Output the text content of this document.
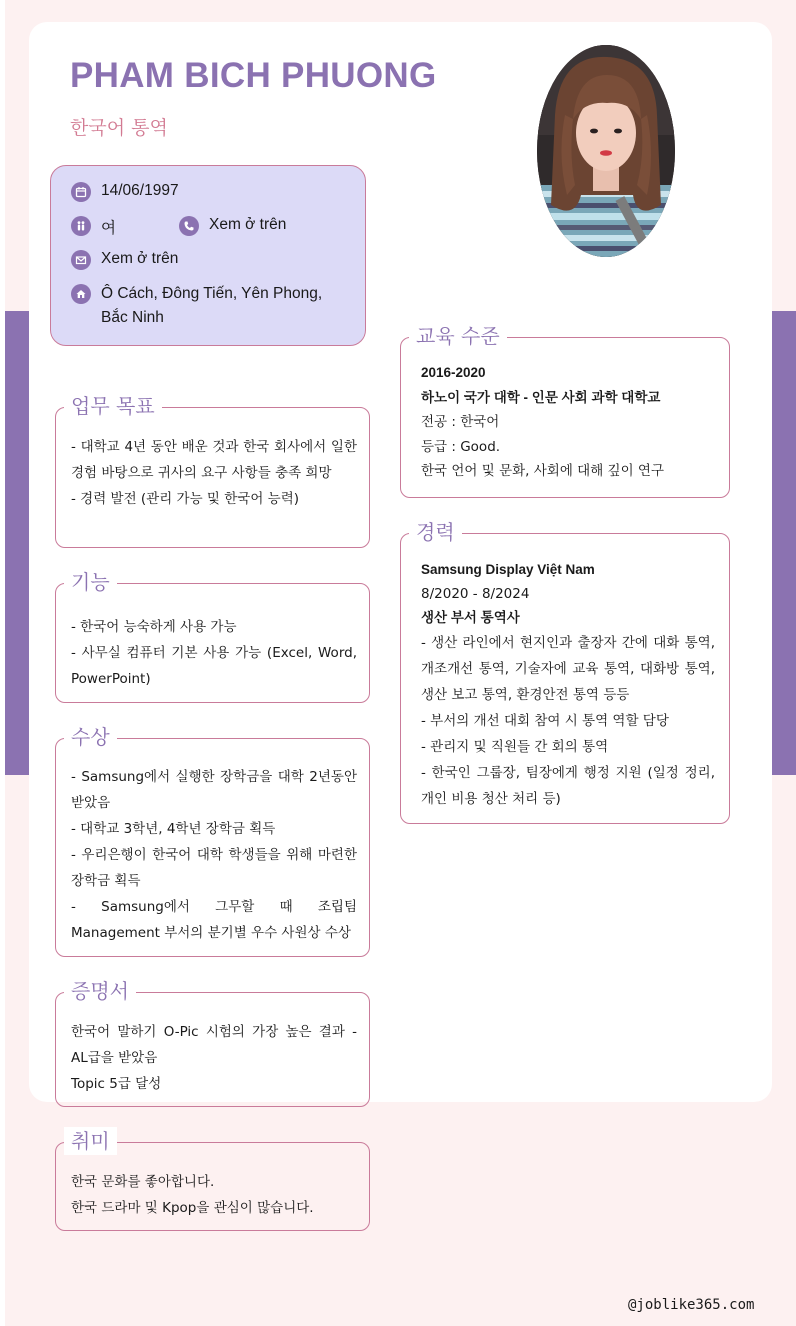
PHAM BICH PHUONG
한국어 통역
14/06/1997
여	Xem ở trên
Xem ở trên
Ô Cách, Đông Tiến, Yên Phong, Bắc Ninh
업무 목표

- 대학교 4년 동안 배운 것과 한국 회사에서 일한 경험 바탕으로 귀사의 요구 사항들 충족 희망

- 경력 발전 (관리 가능 및 한국어 능력)

기능

- 한국어 능숙하게 사용 가능

- 사무실 컴퓨터 기본 사용 가능 (Excel, Word, PowerPoint)

수상

- Samsung에서 실행한 장학금을 대학 2년동안 받았음

- 대학교 3학년, 4학년 장학금 획득

- 우리은행이 한국어 대학 학생들을 위해 마련한 장학금 획득

- Samsung에서 그무할 때 조립팀 Management 부서의 분기별 우수 사원상 수상

증명서

한국어 말하기 O-Pic 시험의 가장 높은 결과 - AL급을 받았음

Topic 5급 달성

취미

한국 문화를 좋아합니다.

한국 드라마 및 Kpop을 관심이 많습니다.

교육 수준

2016-2020

하노이 국가 대학 - 인문 사회 과학 대학교

전공 : 한국어

등급 : Good.

한국 언어 및 문화, 사회에 대해 깊이 연구

경력

Samsung Display Việt Nam

8/2020 - 8/2024

생산 부서 통역사

- 생산 라인에서 현지인과 출장자 간에 대화 통역, 개조개선 통역, 기술자에 교육 통역, 대화방 통역, 생산 보고 통역, 환경안전 통역 등등

- 부서의 개선 대회 참여 시 통역 역할 담당

- 관리지 및 직원들 간 회의 통역

- 한국인 그룹장, 팀장에게 행정 지원 (일정 정리, 개인 비용 청산 처리 등)

@joblike365.com
